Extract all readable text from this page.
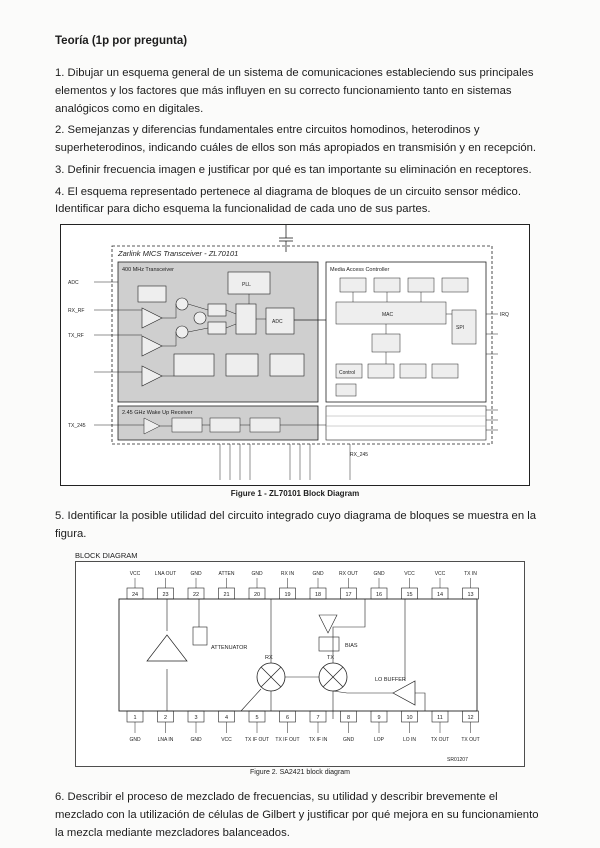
Teoría (1p por pregunta)

1. Dibujar un esquema general de un sistema de comunicaciones estableciendo sus principales

elementos y los factores que más influyen en su correcto funcionamiento tanto en sistemas

analógicos como en digitales.

2. Semejanzas y diferencias fundamentales entre circuitos homodinos, heterodinos y

superheterodinos, indicando cuáles de ellos son más apropiados en transmisión y en recepción.

3. Definir frecuencia imagen e justificar por qué es tan importante su eliminación en receptores.

4. El esquema representado pertenece al diagrama de bloques de un circuito sensor médico.

Identificar para dicho esquema la funcionalidad de cada uno de sus partes.

Zarlink MICS Transceiver - ZL70101
400 MHz Transceiver
PLL
ADC
Media Access Controller
MAC
SPI
Control
2.45 GHz Wake Up Receiver
ADC
RX_RF
TX_RF
TX_245
IRQ
RX_245
Figure 1 - ZL70101 Block Diagram

5. Identificar la posible utilidad del circuito integrado cuyo diagrama de bloques se muestra en la

figura.

BLOCK DIAGRAM
VCC	LNA OUT	GND	ATTEN	GND	RX IN	GND	RX OUT	GND	VCC	VCC	TX IN
24	23	22	21	20	19	18	17	16	15	14	13
1	2	3	4	5	6	7	8	9	10	11	12
GND	LNA IN	GND	VCC	TX IF OUT TX IF OUT TX IF IN	GND	LOP	LO IN	TX OUT TX OUT
ATTENUATOR	BIAS
RX	TX
LO BUFFER
SR01207
Figure 2. SA2421 block diagram

6. Describir el proceso de mezclado de frecuencias, su utilidad y describir brevemente el

mezclado con la utilización de células de Gilbert y justificar por qué mejora en su funcionamiento

la mezcla mediante mezcladores balanceados.
